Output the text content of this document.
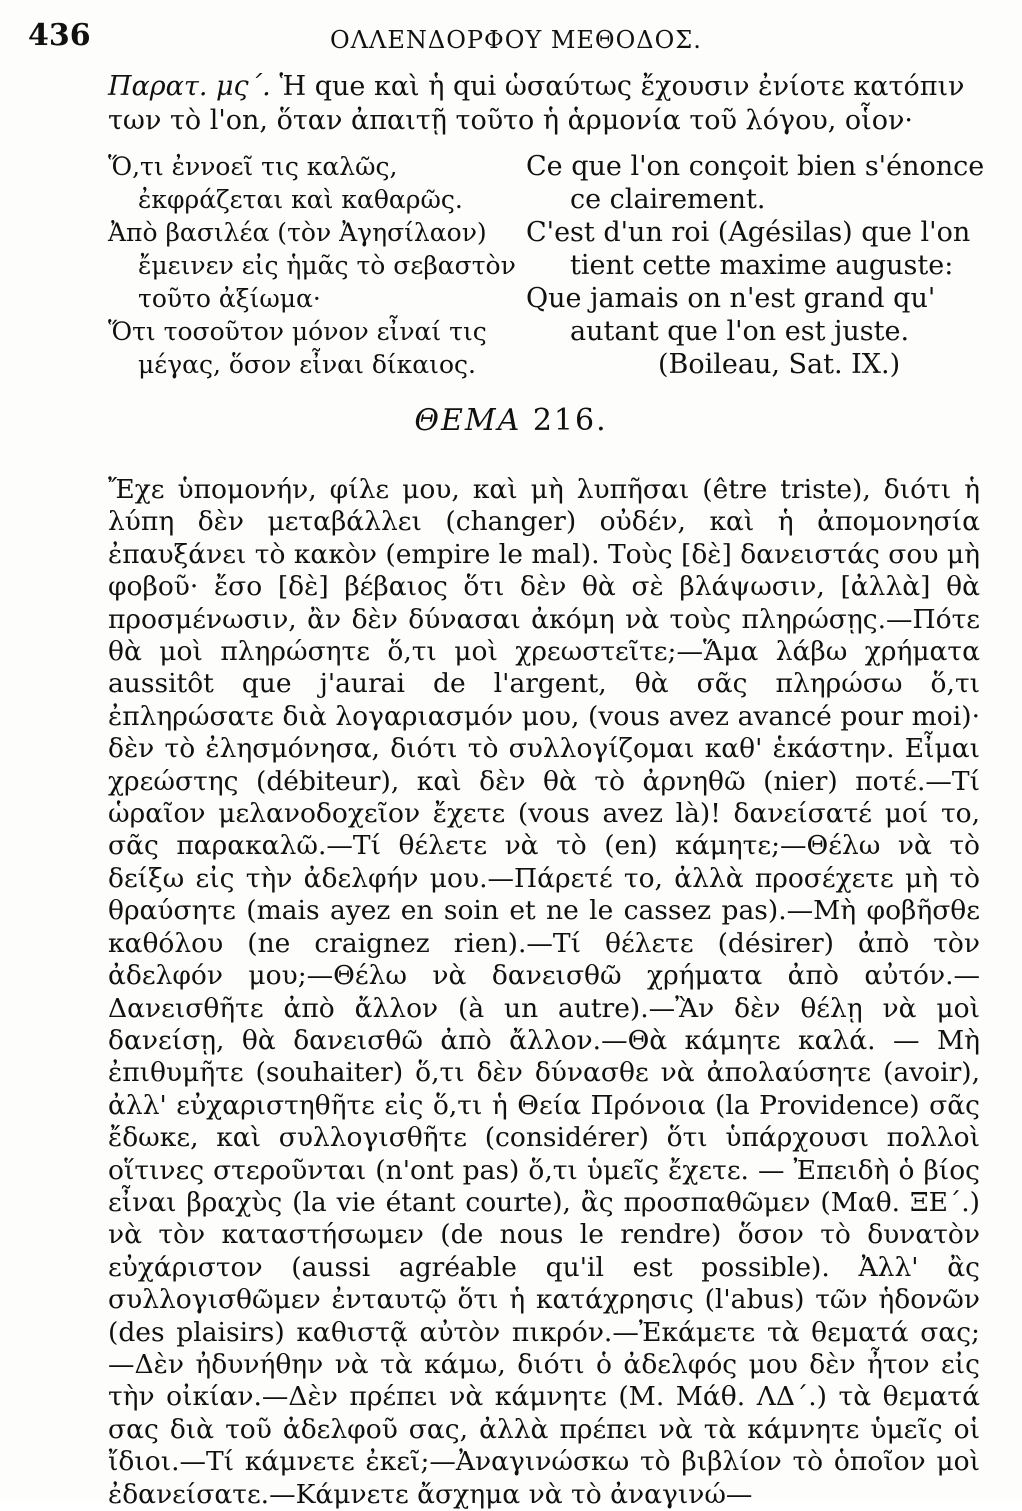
436	ΟΛΛΕΝΔΟΡΦΟΥ ΜΕΘΟΔΟΣ.

Παρατ. μς΄. Ἡ que καὶ ἡ qui ὡσαύτως ἔχουσιν ἐνίοτε κατόπιν των τὸ l'on, ὅταν ἀπαιτῇ τοῦτο ἡ ἁρμονία τοῦ λόγου, οἷον·

Ὅ,τι ἐννοεῖ τις καλῶς, ἐκφράζεται καὶ καθαρῶς.
Ἀπὸ βασιλέα (τὸν Ἀγησίλαον) ἔμεινεν εἰς ἡμᾶς τὸ σεβαστὸν τοῦτο ἀξίωμα·
Ὅτι τοσοῦτον μόνον εἶναί τις μέγας, ὅσον εἶναι δίκαιος.
Ce que l'on conçoit bien s'énonce
ce clairement.
C'est d'un roi (Agésilas) que l'on
tient cette maxime auguste:
Que jamais on n'est grand qu'
autant que l'on est juste.
(Boileau, Sat. IX.)
ΘΕΜΑ 216.

Ἔχε ὑπομονήν, φίλε μου, καὶ μὴ λυπῆσαι (être triste), διότι ἡ λύπη δὲν μεταβάλλει (changer) οὐδέν, καὶ ἡ ἀπομονησία ἐπαυξάνει τὸ κακὸν (empire le mal). Τοὺς [δὲ] δανειστάς σου μὴ φοβοῦ· ἔσο [δὲ] βέβαιος ὅτι δὲν θὰ σὲ βλάψωσιν, [ἀλλὰ] θὰ προσμένωσιν, ἂν δὲν δύνασαι ἀκόμη νὰ τοὺς πληρώσῃς.—Πότε θὰ μοὶ πληρώσητε ὅ,τι μοὶ χρεωστεῖτε;—Ἅμα λάβω χρήματα aussitôt que j'aurai de l'argent, θὰ σᾶς πληρώσω ὅ,τι ἐπληρώσατε διὰ λογαριασμόν μου, (vous avez avancé pour moi)· δὲν τὸ ἐλησμόνησα, διότι τὸ συλλογίζομαι καθ' ἑκάστην. Εἶμαι χρεώστης (débiteur), καὶ δὲν θὰ τὸ ἀρνηθῶ (nier) ποτέ.—Τί ὡραῖον μελανοδοχεῖον ἔχετε (vous avez là)! δανείσατέ μοί το, σᾶς παρακαλῶ.—Τί θέλετε νὰ τὸ (en) κάμητε;—Θέλω νὰ τὸ δείξω εἰς τὴν ἀδελφήν μου.—Πάρετέ το, ἀλλὰ προσέχετε μὴ τὸ θραύσητε (mais ayez en soin et ne le cassez pas).—Μὴ φοβῆσθε καθόλου (ne craignez rien).—Τί θέλετε (désirer) ἀπὸ τὸν ἀδελφόν μου;—Θέλω νὰ δανεισθῶ χρήματα ἀπὸ αὐτόν.—Δανεισθῆτε ἀπὸ ἄλλον (à un autre).—Ἂν δὲν θέλῃ νὰ μοὶ δανείσῃ, θὰ δανεισθῶ ἀπὸ ἄλλον.—Θὰ κάμητε καλά. — Μὴ ἐπιθυμῆτε (souhaiter) ὅ,τι δὲν δύνασθε νὰ ἀπολαύσητε (avoir), ἀλλ' εὐχαριστηθῆτε εἰς ὅ,τι ἡ Θεία Πρόνοια (la Providence) σᾶς ἔδωκε, καὶ συλλογισθῆτε (considérer) ὅτι ὑπάρχουσι πολλοὶ οἵτινες στεροῦνται (n'ont pas) ὅ,τι ὑμεῖς ἔχετε. — Ἐπειδὴ ὁ βίος εἶναι βραχὺς (la vie étant courte), ἂς προσπαθῶμεν (Μαθ. ΞΕ΄.) νὰ τὸν καταστήσωμεν (de nous le rendre) ὅσον τὸ δυνατὸν εὐχάριστον (aussi agréable qu'il est possible). Ἀλλ' ἂς συλλογισθῶμεν ἐνταυτῷ ὅτι ἡ κατάχρησις (l'abus) τῶν ἡδονῶν (des plaisirs) καθιστᾷ αὐτὸν πικρόν.—Ἐκάμετε τὰ θεματά σας;—Δὲν ἠδυνήθην νὰ τὰ κάμω, διότι ὁ ἀδελφός μου δὲν ἦτον εἰς τὴν οἰκίαν.—Δὲν πρέπει νὰ κάμνητε (Μ. Μάθ. ΛΔ΄.) τὰ θεματά σας διὰ τοῦ ἀδελφοῦ σας, ἀλλὰ πρέπει νὰ τὰ κάμνητε ὑμεῖς οἱ ἴδιοι.—Τί κάμνετε ἐκεῖ;—Ἀναγινώσκω τὸ βιβλίον τὸ ὁποῖον μοὶ ἐδανείσατε.—Κάμνετε ἄσχημα νὰ τὸ ἀναγινώ—
